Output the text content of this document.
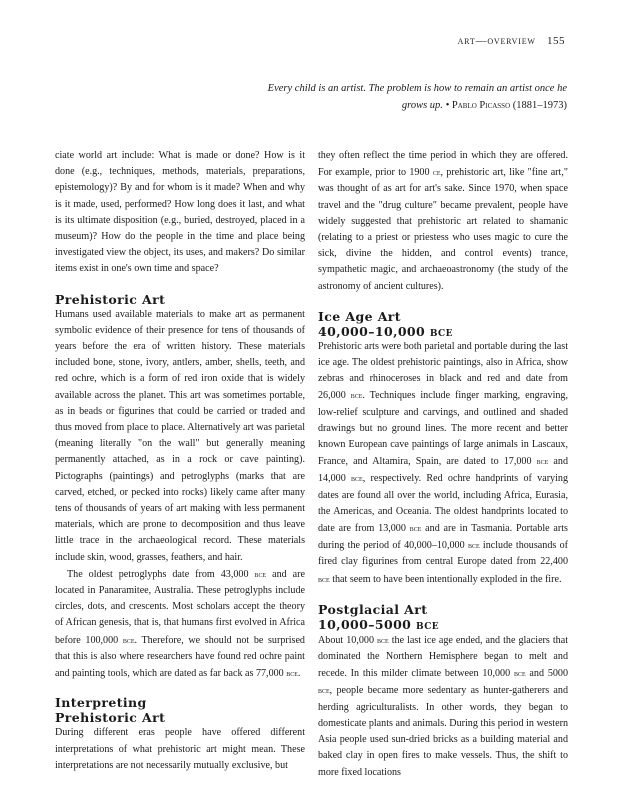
art—overview 155
Every child is an artist. The problem is how to remain an artist once he grows up. • Pablo Picasso (1881–1973)

ciate world art include: What is made or done? How is it done (e.g., techniques, methods, materials, preparations, epistemology)? By and for whom is it made? When and why is it made, used, performed? How long does it last, and what is its ultimate disposition (e.g., buried, destroyed, placed in a museum)? How do the people in the time and place being investigated view the object, its uses, and makers? Do similar items exist in one's own time and space?

Prehistoric Art

Humans used available materials to make art as permanent symbolic evidence of their presence for tens of thousands of years before the era of written history. These materials included bone, stone, ivory, antlers, amber, shells, teeth, and red ochre, which is a form of red iron oxide that is widely available across the planet. This art was sometimes portable, as in beads or figurines that could be carried or traded and thus moved from place to place. Alternatively art was parietal (meaning literally "on the wall" but generally meaning permanently attached, as in a rock or cave painting). Pictographs (paintings) and petroglyphs (marks that are carved, etched, or pecked into rocks) likely came after many tens of thousands of years of art making with less permanent materials, which are prone to decomposition and thus leave little trace in the archaeological record. These materials include skin, wood, grasses, feathers, and hair.

The oldest petroglyphs date from 43,000 bce and are located in Panaramitee, Australia. These petroglyphs include circles, dots, and crescents. Most scholars accept the theory of African genesis, that is, that humans first evolved in Africa before 100,000 bce. Therefore, we should not be surprised that this is also where researchers have found red ochre paint and painting tools, which are dated as far back as 77,000 bce.

Interpreting
Prehistoric Art

During different eras people have offered different interpretations of what prehistoric art might mean. These interpretations are not necessarily mutually exclusive, but

they often reflect the time period in which they are offered. For example, prior to 1900 ce, prehistoric art, like "fine art," was thought of as art for art's sake. Since 1970, when space travel and the "drug culture" became prevalent, people have widely suggested that prehistoric art related to shamanic (relating to a priest or priestess who uses magic to cure the sick, divine the hidden, and control events) trance, sympathetic magic, and archaeoastronomy (the study of the astronomy of ancient cultures).

Ice Age Art
40,000–10,000 bce

Prehistoric arts were both parietal and portable during the last ice age. The oldest prehistoric paintings, also in Africa, show zebras and rhinoceroses in black and red and date from 26,000 bce. Techniques include finger marking, engraving, low-relief sculpture and carvings, and outlined and shaded drawings but no ground lines. The more recent and better known European cave paintings of large animals in Lascaux, France, and Altamira, Spain, are dated to 17,000 bce and 14,000 bce, respectively. Red ochre handprints of varying dates are found all over the world, including Africa, Eurasia, the Americas, and Oceania. The oldest handprints located to date are from 13,000 bce and are in Tasmania. Portable arts during the period of 40,000–10,000 bce include thousands of fired clay figurines from central Europe dated from 22,400 bce that seem to have been intentionally exploded in the fire.

Postglacial Art
10,000–5000 bce

About 10,000 bce the last ice age ended, and the glaciers that dominated the Northern Hemisphere began to melt and recede. In this milder climate between 10,000 bce and 5000 bce, people became more sedentary as hunter-gatherers and herding agriculturalists. In other words, they began to domesticate plants and animals. During this period in western Asia people used sun-dried bricks as a building material and baked clay in open fires to make vessels. Thus, the shift to more fixed locations
